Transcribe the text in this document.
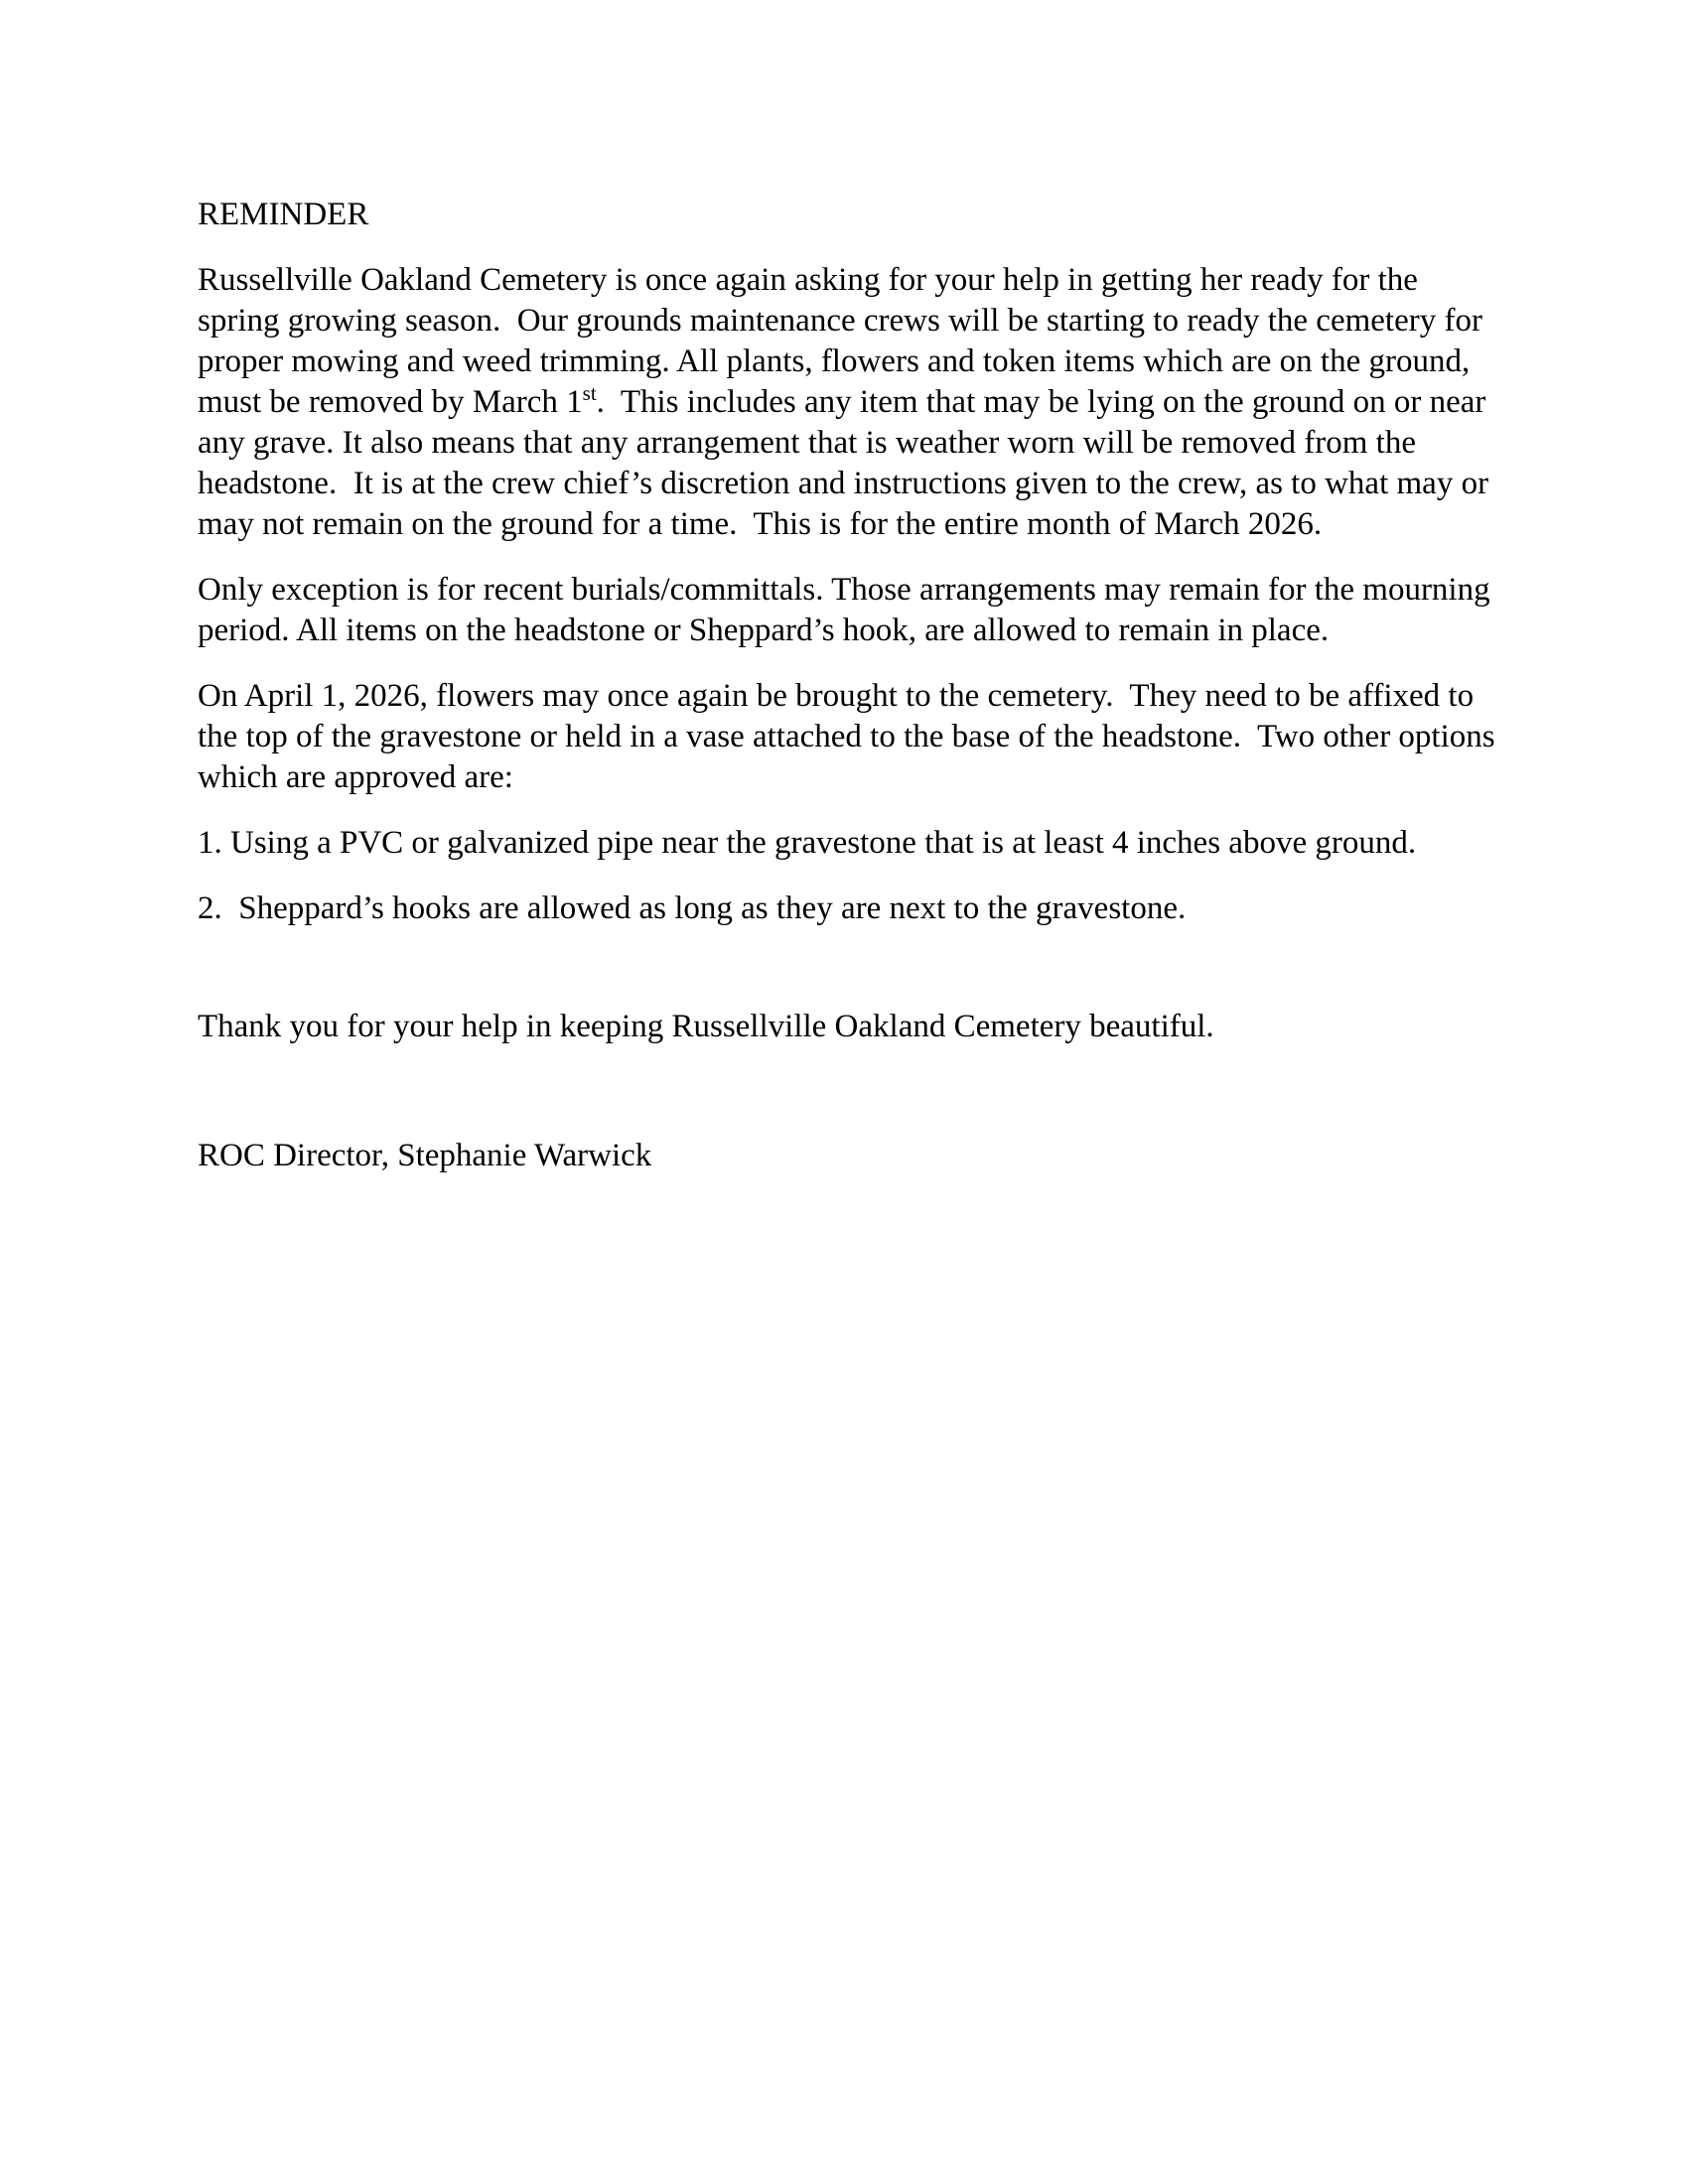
REMINDER

Russellville Oakland Cemetery is once again asking for your help in getting her ready for the spring growing season.  Our grounds maintenance crews will be starting to ready the cemetery for proper mowing and weed trimming. All plants, flowers and token items which are on the ground, must be removed by March 1st.  This includes any item that may be lying on the ground on or near any grave. It also means that any arrangement that is weather worn will be removed from the headstone.  It is at the crew chief’s discretion and instructions given to the crew, as to what may or may not remain on the ground for a time.  This is for the entire month of March 2026.

Only exception is for recent burials/committals. Those arrangements may remain for the mourning period. All items on the headstone or Sheppard’s hook, are allowed to remain in place.

On April 1, 2026, flowers may once again be brought to the cemetery.  They need to be affixed to the top of the gravestone or held in a vase attached to the base of the headstone.  Two other options which are approved are:

1. Using a PVC or galvanized pipe near the gravestone that is at least 4 inches above ground.

2.  Sheppard’s hooks are allowed as long as they are next to the gravestone.

Thank you for your help in keeping Russellville Oakland Cemetery beautiful.

ROC Director, Stephanie Warwick
